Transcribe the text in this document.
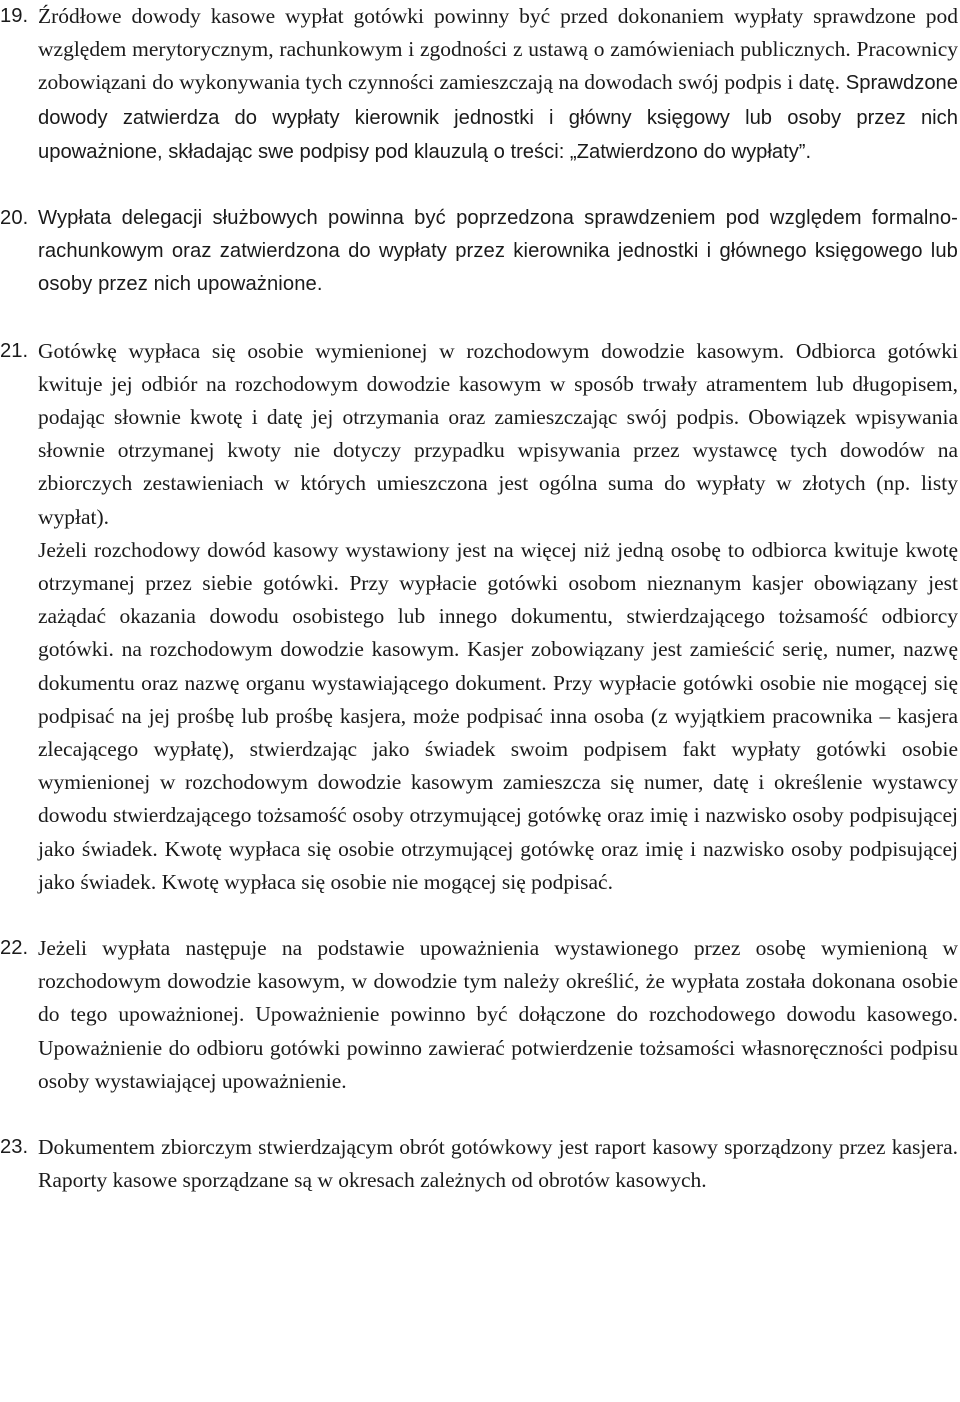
19. Źródłowe dowody kasowe wypłat gotówki powinny być przed dokonaniem wypłaty sprawdzone pod względem merytorycznym, rachunkowym i zgodności z ustawą o zamówieniach publicznych. Pracownicy zobowiązani do wykonywania tych czynności zamieszczają na dowodach swój podpis i datę. Sprawdzone dowody zatwierdza do wypłaty kierownik jednostki i główny księgowy lub osoby przez nich upoważnione, składając swe podpisy pod klauzulą o treści: „Zatwierdzono do wypłaty”.

20. Wypłata delegacji służbowych powinna być poprzedzona sprawdzeniem pod względem formalno-rachunkowym oraz zatwierdzona do wypłaty przez kierownika jednostki i głównego księgowego lub osoby przez nich upoważnione.

21. Gotówkę wypłaca się osobie wymienionej w rozchodowym dowodzie kasowym. Odbiorca gotówki kwituje jej odbiór na rozchodowym dowodzie kasowym w sposób trwały atramentem lub długopisem, podając słownie kwotę i datę jej otrzymania oraz zamieszczając swój podpis. Obowiązek wpisywania słownie otrzymanej kwoty nie dotyczy przypadku wpisywania przez wystawcę tych dowodów na zbiorczych zestawieniach w których umieszczona jest ogólna suma do wypłaty w złotych (np. listy wypłat).

Jeżeli rozchodowy dowód kasowy wystawiony jest na więcej niż jedną osobę to odbiorca kwituje kwotę otrzymanej przez siebie gotówki. Przy wypłacie gotówki osobom nieznanym kasjer obowiązany jest zażądać okazania dowodu osobistego lub innego dokumentu, stwierdzającego tożsamość odbiorcy gotówki. na rozchodowym dowodzie kasowym. Kasjer zobowiązany jest zamieścić serię, numer, nazwę dokumentu oraz nazwę organu wystawiającego dokument. Przy wypłacie gotówki osobie nie mogącej się podpisać na jej prośbę lub prośbę kasjera, może podpisać inna osoba (z wyjątkiem pracownika – kasjera zlecającego wypłatę), stwierdzając jako świadek swoim podpisem fakt wypłaty gotówki osobie wymienionej w rozchodowym dowodzie kasowym zamieszcza się numer, datę i określenie wystawcy dowodu stwierdzającego tożsamość osoby otrzymującej gotówkę oraz imię i nazwisko osoby podpisującej jako świadek. Kwotę wypłaca się osobie otrzymującej gotówkę oraz imię i nazwisko osoby podpisującej jako świadek. Kwotę wypłaca się osobie nie mogącej się podpisać.

22. Jeżeli wypłata następuje na podstawie upoważnienia wystawionego przez osobę wymienioną w rozchodowym dowodzie kasowym, w dowodzie tym należy określić, że wypłata została dokonana osobie do tego upoważnionej. Upoważnienie powinno być dołączone do rozchodowego dowodu kasowego. Upoważnienie do odbioru gotówki powinno zawierać potwierdzenie tożsamości własnoręczności podpisu osoby wystawiającej upoważnienie.

23. Dokumentem zbiorczym stwierdzającym obrót gotówkowy jest raport kasowy sporządzony przez kasjera. Raporty kasowe sporządzane są w okresach zależnych od obrotów kasowych.
